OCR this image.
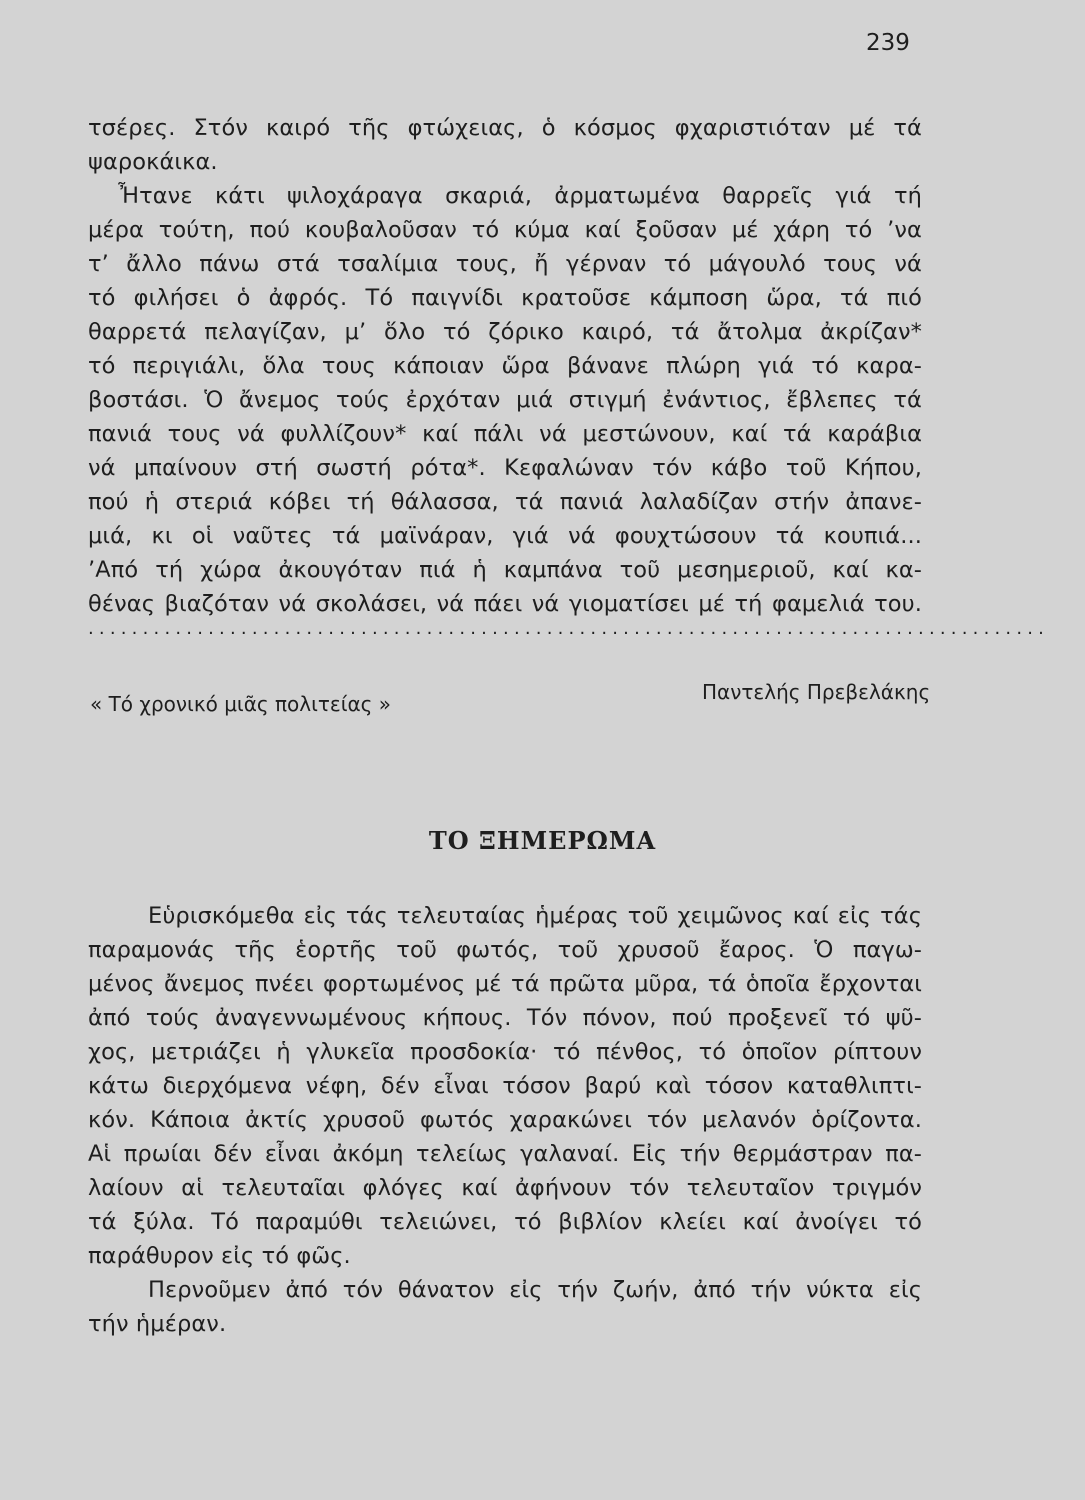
239
τσέρες. Στόν καιρό τῆς φτώχειας, ὁ κόσμος φχαριστιόταν μέ τά
ψαροκάικα.
Ἦτανε κάτι ψιλοχάραγα σκαριά, ἀρματωμένα θαρρεῖς γιά τή
μέρα τούτη, πού κουβαλοῦσαν τό κύμα καί ξοῦσαν μέ χάρη τό ’να
τ’ ἄλλο πάνω στά τσαλίμια τους, ἤ γέρναν τό μάγουλό τους νά
τό φιλήσει ὁ ἀφρός. Τό παιγνίδι κρατοῦσε κάμποση ὥρα, τά πιό
θαρρετά πελαγίζαν, μ’ ὅλο τό ζόρικο καιρό, τά ἄτολμα ἀκρίζαν*
τό περιγιάλι, ὅλα τους κάποιαν ὥρα βάνανε πλώρη γιά τό καρα-
βοστάσι. Ὁ ἄνεμος τούς ἐρχόταν μιά στιγμή ἐνάντιος, ἔβλεπες τά
πανιά τους νά φυλλίζουν* καί πάλι νά μεστώνουν, καί τά καράβια
νά μπαίνουν στή σωστή ρότα*. Κεφαλώναν τόν κάβο τοῦ Κήπου,
πού ἡ στεριά κόβει τή θάλασσα, τά πανιά λαλαδίζαν στήν ἀπανε-
μιά, κι οἱ ναῦτες τά μαϊνάραν, γιά νά φουχτώσουν τά κουπιά...
’Από τή χώρα ἀκουγόταν πιά ἡ καμπάνα τοῦ μεσημεριοῦ, καί κα-
θένας βιαζόταν νά σκολάσει, νά πάει νά γιοματίσει μέ τή φαμελιά του.
........................................................................................
« Τό χρονικό μιᾶς πολιτείας »	Παντελής Πρεβελάκης
ΤΟ ΞΗΜΕΡΩΜΑ
Εὑρισκόμεθα εἰς τάς τελευταίας ἡμέρας τοῦ χειμῶνος καί εἰς τάς
παραμονάς τῆς ἑορτῆς τοῦ φωτός, τοῦ χρυσοῦ ἔαρος. Ὁ παγω-
μένος ἄνεμος πνέει φορτωμένος μέ τά πρῶτα μῦρα, τά ὁποῖα ἔρχονται
ἀπό τούς ἀναγεννωμένους κήπους. Τόν πόνον, πού προξενεῖ τό ψῦ-
χος, μετριάζει ἡ γλυκεῖα προσδοκία· τό πένθος, τό ὁποῖον ρίπτουν
κάτω διερχόμενα νέφη, δέν εἶναι τόσον βαρύ καὶ τόσον καταθλιπτι-
κόν. Κάποια ἀκτίς χρυσοῦ φωτός χαρακώνει τόν μελανόν ὁρίζοντα.
Αἱ πρωίαι δέν εἶναι ἀκόμη τελείως γαλαναί. Εἰς τήν θερμάστραν πα-
λαίουν αἱ τελευταῖαι φλόγες καί ἀφήνουν τόν τελευταῖον τριγμόν
τά ξύλα. Τό παραμύθι τελειώνει, τό βιβλίον κλείει καί ἀνοίγει τό
παράθυρον εἰς τό φῶς.
Περνοῦμεν ἀπό τόν θάνατον εἰς τήν ζωήν, ἀπό τήν νύκτα εἰς
τήν ἡμέραν.
